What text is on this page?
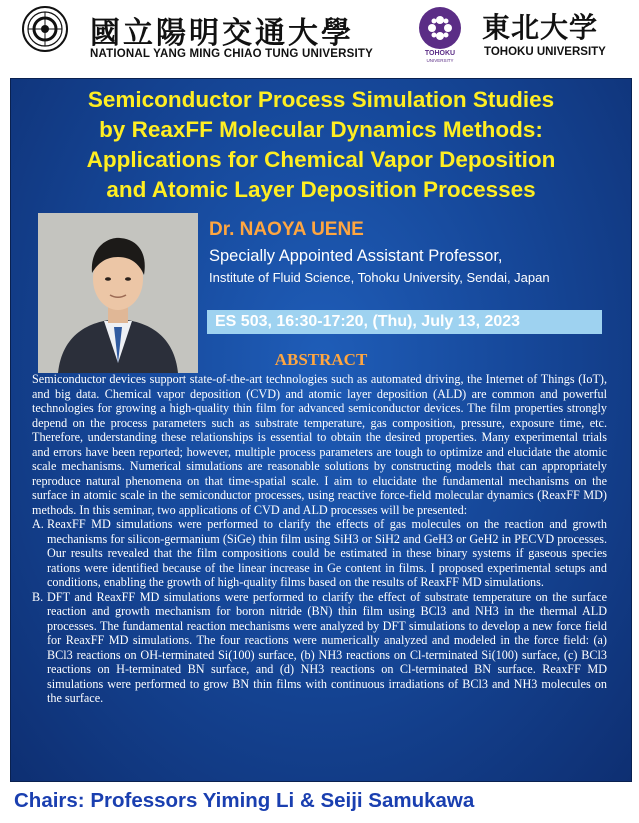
國立陽明交通大學
NATIONAL YANG MING CHIAO TUNG UNIVERSITY	TOHOKU
UNIVERSITY
東北大学
TOHOKU UNIVERSITY
Semiconductor Process Simulation Studies
by ReaxFF Molecular Dynamics Methods:
Applications for Chemical Vapor Deposition
and Atomic Layer Deposition Processes
Dr. NAOYA UENE
Specially Appointed Assistant Professor,
Institute of Fluid Science, Tohoku University, Sendai, Japan
ES 503, 16:30-17:20, (Thu), July 13, 2023
ABSTRACT

Semiconductor devices support state-of-the-art technologies such as automated driving, the Internet of Things (IoT), and big data. Chemical vapor deposition (CVD) and atomic layer deposition (ALD) are common and powerful technologies for growing a high-quality thin film for advanced semiconductor devices. The film properties strongly depend on the process parameters such as substrate temperature, gas composition, pressure, exposure time, etc. Therefore, understanding these relationships is essential to obtain the desired properties. Many experimental trials and errors have been reported; however, multiple process parameters are tough to optimize and elucidate the atomic scale mechanisms. Numerical simulations are reasonable solutions by constructing models that can appropriately reproduce natural phenomena on that time-spatial scale. I aim to elucidate the fundamental mechanisms on the surface in atomic scale in the semiconductor processes, using reactive force-field molecular dynamics (ReaxFF MD) methods. In this seminar, two applications of CVD and ALD processes will be presented:

A. ReaxFF MD simulations were performed to clarify the effects of gas molecules on the reaction and growth mechanisms for silicon-germanium (SiGe) thin film using SiH3 or SiH2 and GeH3 or GeH2 in PECVD processes. Our results revealed that the film compositions could be estimated in these binary systems if gaseous species rations were identified because of the linear increase in Ge content in films. I proposed experimental setups and conditions, enabling the growth of high-quality films based on the results of ReaxFF MD simulations.
B. DFT and ReaxFF MD simulations were performed to clarify the effect of substrate temperature on the surface reaction and growth mechanism for boron nitride (BN) thin film using BCl3 and NH3 in the thermal ALD processes. The fundamental reaction mechanisms were analyzed by DFT simulations to develop a new force field for ReaxFF MD simulations. The four reactions were numerically analyzed and modeled in the force field: (a) BCl3 reactions on OH-terminated Si(100) surface, (b) NH3 reactions on Cl-terminated Si(100) surface, (c) BCl3 reactions on H-terminated BN surface, and (d) NH3 reactions on Cl-terminated BN surface. ReaxFF MD simulations were performed to grow BN thin films with continuous irradiations of BCl3 and NH3 molecules on the surface.
Chairs: Professors Yiming Li & Seiji Samukawa
